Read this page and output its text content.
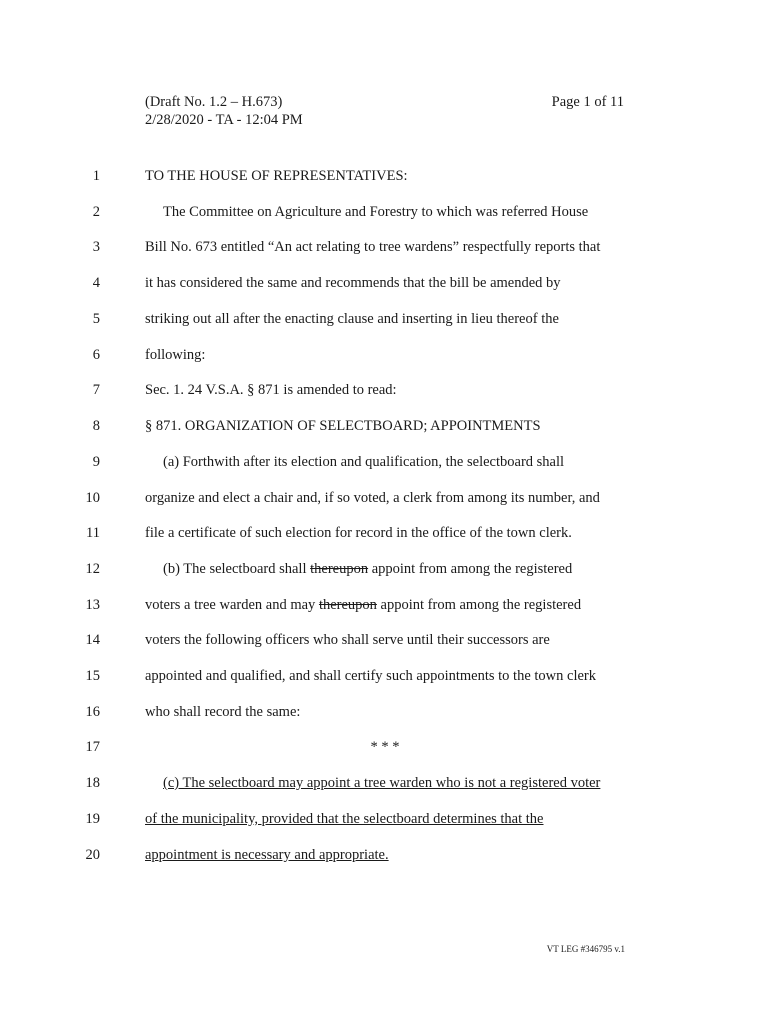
(Draft No. 1.2 – H.673)
2/28/2020 - TA - 12:04 PM
Page 1 of 11
1	TO THE HOUSE OF REPRESENTATIVES:
2	The Committee on Agriculture and Forestry to which was referred House
3	Bill No. 673 entitled “An act relating to tree wardens” respectfully reports that
4	it has considered the same and recommends that the bill be amended by
5	striking out all after the enacting clause and inserting in lieu thereof the
6	following:
7	Sec. 1. 24 V.S.A. § 871 is amended to read:
8	§ 871. ORGANIZATION OF SELECTBOARD; APPOINTMENTS
9	(a) Forthwith after its election and qualification, the selectboard shall
10	organize and elect a chair and, if so voted, a clerk from among its number, and
11	file a certificate of such election for record in the office of the town clerk.
12	(b) The selectboard shall thereupon appoint from among the registered
13	voters a tree warden and may thereupon appoint from among the registered
14	voters the following officers who shall serve until their successors are
15	appointed and qualified, and shall certify such appointments to the town clerk
16	who shall record the same:
17	* * *
18	(c) The selectboard may appoint a tree warden who is not a registered voter
19	of the municipality, provided that the selectboard determines that the
20	appointment is necessary and appropriate.
VT LEG #346795 v.1
